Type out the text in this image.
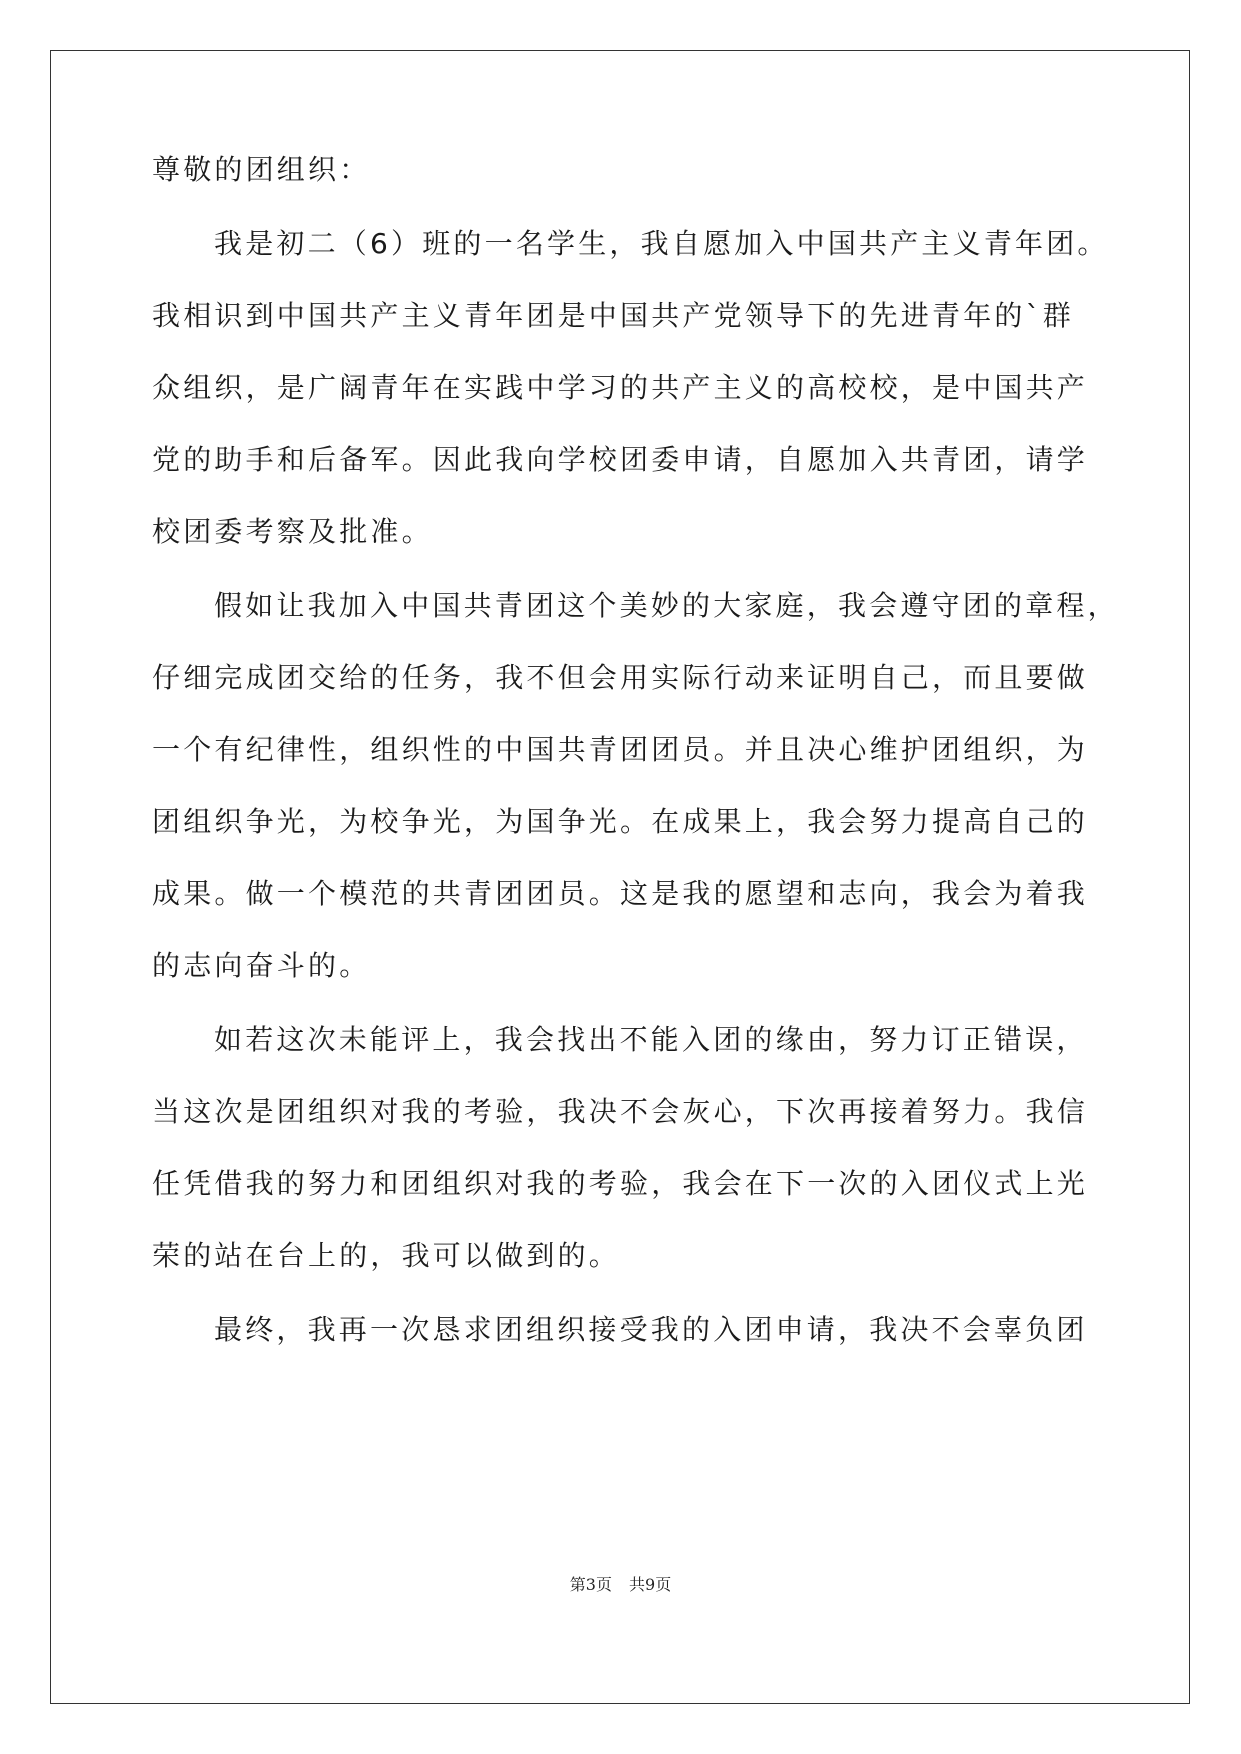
尊敬的团组织：
我是初二（6）班的一名学生，我自愿加入中国共产主义青年团。
我相识到中国共产主义青年团是中国共产党领导下的先进青年的`群
众组织，是广阔青年在实践中学习的共产主义的高校校，是中国共产
党的助手和后备军。因此我向学校团委申请，自愿加入共青团，请学
校团委考察及批准。
假如让我加入中国共青团这个美妙的大家庭，我会遵守团的章程，
仔细完成团交给的任务，我不但会用实际行动来证明自己，而且要做
一个有纪律性，组织性的中国共青团团员。并且决心维护团组织，为
团组织争光，为校争光，为国争光。在成果上，我会努力提高自己的
成果。做一个模范的共青团团员。这是我的愿望和志向，我会为着我
的志向奋斗的。
如若这次未能评上，我会找出不能入团的缘由，努力订正错误，
当这次是团组织对我的考验，我决不会灰心，下次再接着努力。我信
任凭借我的努力和团组织对我的考验，我会在下一次的入团仪式上光
荣的站在台上的，我可以做到的。
最终，我再一次恳求团组织接受我的入团申请，我决不会辜负团
第3页 共9页
